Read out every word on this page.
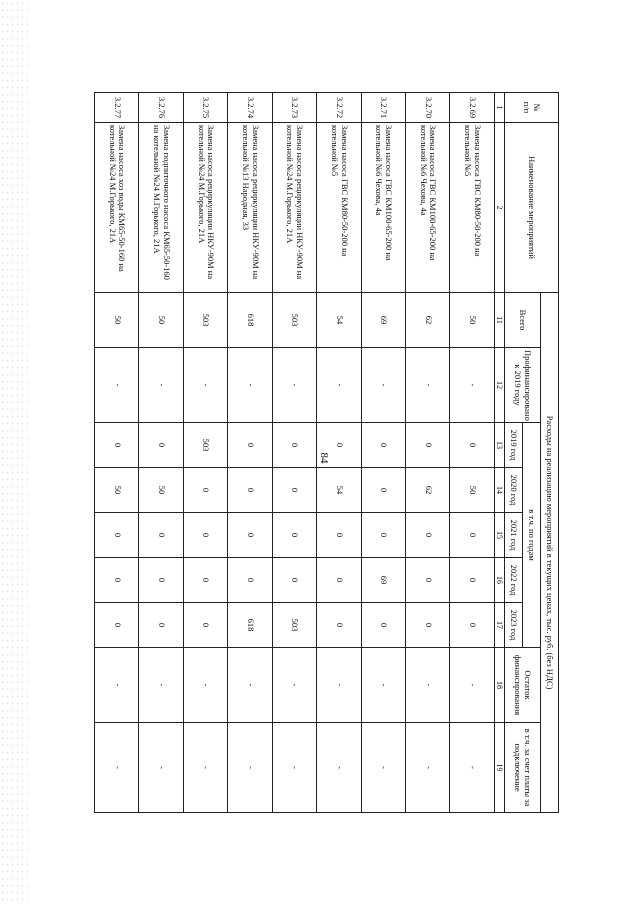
84
№
п/п	Наименование мероприятий	Расходы на реализацию мероприятий в текущих ценах, тыс. руб. (без НДС)								
		Всего	Профинансировано к 2019 году	в т.ч. по годам					Остаток финансирования	в т.ч. за счет платы за подключение
				2019 год	2020 год	2021 год	2022 год	2023 год		
1	2	11	12	13	14	15	16	17	18	19
3.2.69	Замена насоса ГВС КМ80-50-200 на котельной №5	50	-	0	50	0	0	0	-	-
3.2.70	Замена насоса ГВС КМ100-65-200 на котельной №6 Чехова, 4а	62	-	0	62	0	0	0	-	-
3.2.71	Замена насоса ГВС КМ100-65-200 на котельной №6 Чехова, 4а	69	-	0	0	0	69	0	-	-
3.2.72	Замена насоса ГВС КМ80-50-200 на котельной №5	54	-	0	54	0	0	0	-	-
3.2.73	Замена насоса рециркуляции НКУ-90М на котельной №24 М.Горького, 21А	503	-	0	0	0	0	503	-	-
3.2.74	Замена насоса рециркуляции НКУ-90М на котельной №13 Народная, 33	618	-	0	0	0	0	618	-	-
3.2.75	Замена насоса рециркуляции НКУ-90М на котельной №24 М.Горького, 21А	503	-	503	0	0	0	0	-	-
3.2.76	Замена подпиточного насоса КМ65-50-160 на котельной №24 М.Горького, 21А	50	-	0	50	0	0	0	-	-
3.2.77	Замена насоса хоз воды КМ65-50-160 на котельной №24 М.Горького, 21А	50	-	0	50	0	0	0	-	-
